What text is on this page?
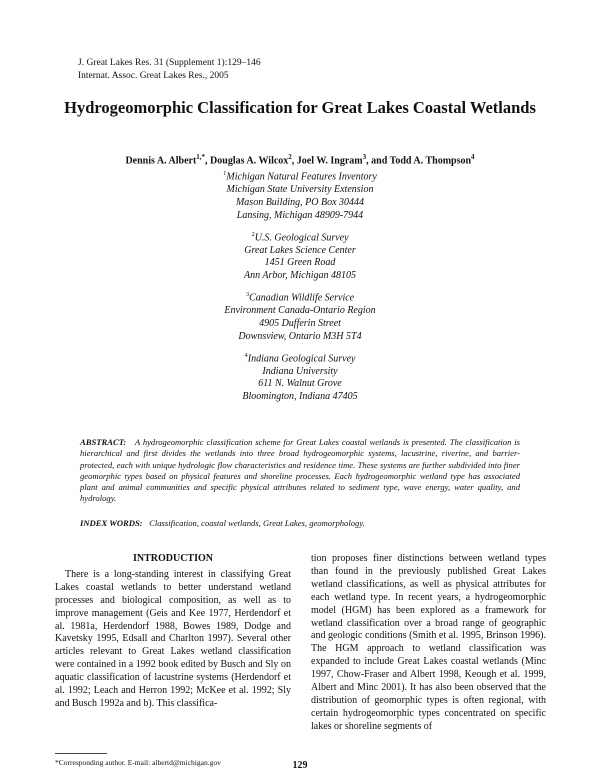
J. Great Lakes Res. 31 (Supplement 1):129–146
Internat. Assoc. Great Lakes Res., 2005
Hydrogeomorphic Classification for Great Lakes Coastal Wetlands
Dennis A. Albert$^{1,*}$, Douglas A. Wilcox$^2$, Joel W. Ingram$^3$, and Todd A. Thompson$^4$
$^1$Michigan Natural Features Inventory
Michigan State University Extension
Mason Building, PO Box 30444
Lansing, Michigan 48909-7944
$^2$U.S. Geological Survey
Great Lakes Science Center
1451 Green Road
Ann Arbor, Michigan 48105
$^3$Canadian Wildlife Service
Environment Canada-Ontario Region
4905 Dufferin Street
Downsview, Ontario M3H 5T4
$^4$Indiana Geological Survey
Indiana University
611 N. Walnut Grove
Bloomington, Indiana 47405
ABSTRACT: A hydrogeomorphic classification scheme for Great Lakes coastal wetlands is presented. The classification is hierarchical and first divides the wetlands into three broad hydrogeomorphic systems, lacustrine, riverine, and barrier-protected, each with unique hydrologic flow characteristics and residence time. These systems are further subdivided into finer geomorphic types based on physical features and shoreline processes. Each hydrogeomorphic wetland type has associated plant and animal communities and specific physical attributes related to sediment type, wave energy, water quality, and hydrology.
INDEX WORDS: Classification, coastal wetlands, Great Lakes, geomorphology.
INTRODUCTION
There is a long-standing interest in classifying Great Lakes coastal wetlands to better understand wetland processes and biological composition, as well as to improve management (Geis and Kee 1977, Herdendorf et al. 1981a, Herdendorf 1988, Bowes 1989, Dodge and Kavetsky 1995, Edsall and Charlton 1997). Several other articles relevant to Great Lakes wetland classification were contained in a 1992 book edited by Busch and Sly on aquatic classification of lacustrine systems (Herdendorf et al. 1992; Leach and Herron 1992; McKee et al. 1992; Sly and Busch 1992a and b). This classifica-
tion proposes finer distinctions between wetland types than found in the previously published Great Lakes wetland classifications, as well as physical attributes for each wetland type. In recent years, a hydrogeomorphic model (HGM) has been explored as a framework for wetland classification over a broad range of geographic and geologic conditions (Smith et al. 1995, Brinson 1996). The HGM approach to wetland classification was expanded to include Great Lakes coastal wetlands (Minc 1997, Chow-Fraser and Albert 1998, Keough et al. 1999, Albert and Minc 2001). It has also been observed that the distribution of geomorphic types is often regional, with certain hydrogeomorphic types concentrated on specific lakes or shoreline segments of
*Corresponding author. E-mail: albertd@michigan.gov	129
